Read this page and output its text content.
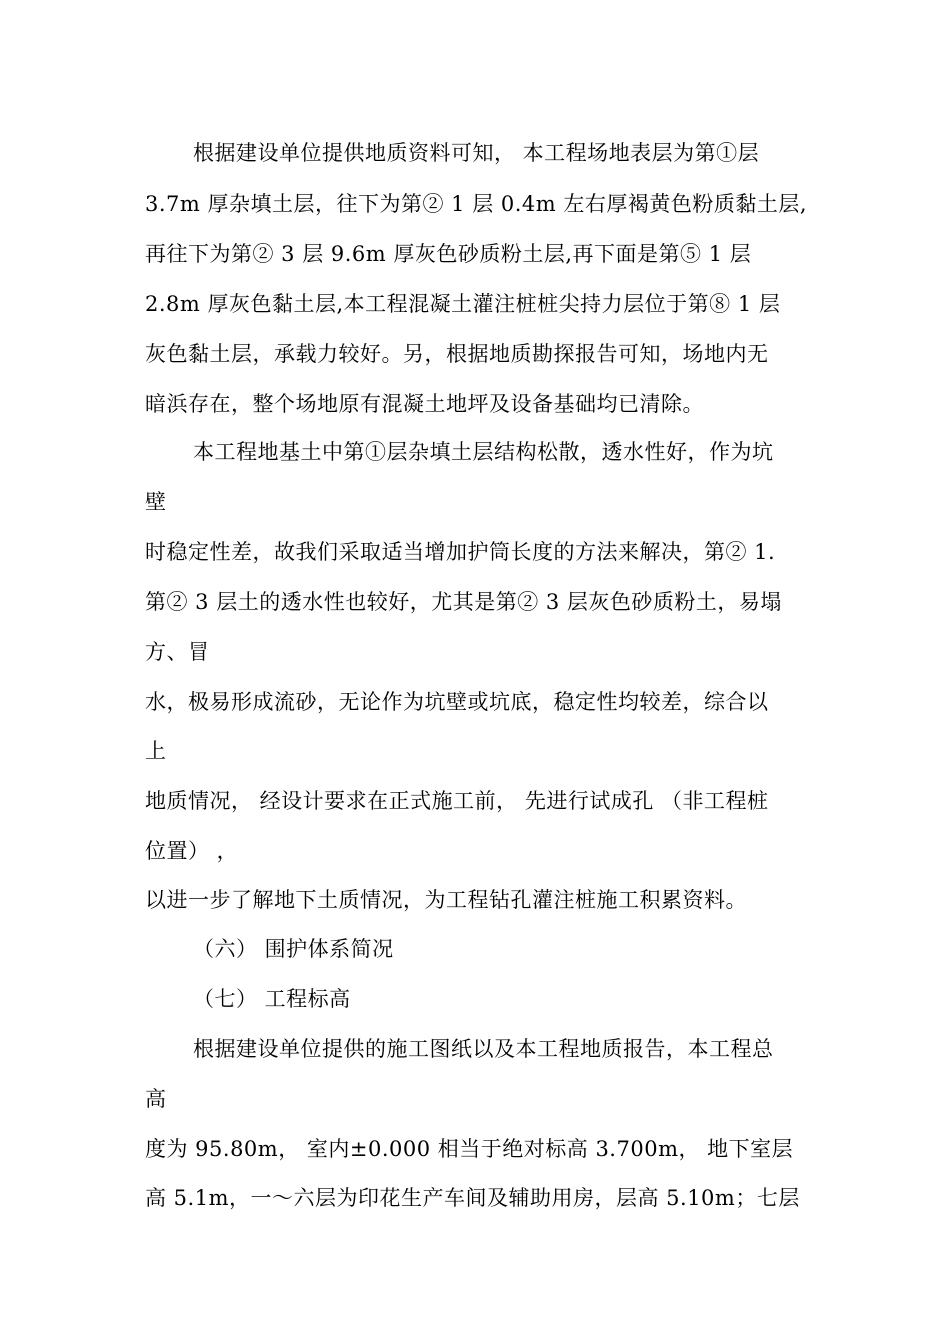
根据建设单位提供地质资料可知， 本工程场地表层为第①层
3.7m 厚杂填土层，往下为第② 1 层 0.4m 左右厚褐黄色粉质黏土层,
再往下为第② 3 层 9.6m 厚灰色砂质粉土层,再下面是第⑤ 1 层
2.8m 厚灰色黏土层,本工程混凝土灌注桩桩尖持力层位于第⑧ 1 层
灰色黏土层，承载力较好。另，根据地质勘探报告可知，场地内无
暗浜存在，整个场地原有混凝土地坪及设备基础均已清除。
本工程地基土中第①层杂填土层结构松散，透水性好，作为坑
壁
时稳定性差，故我们采取适当增加护筒长度的方法来解决，第② 1.
第② 3 层土的透水性也较好，尤其是第② 3 层灰色砂质粉土，易塌
方、冒
水，极易形成流砂，无论作为坑壁或坑底，稳定性均较差，综合以
上
地质情况， 经设计要求在正式施工前， 先进行试成孔 （非工程桩
位置） ，
以进一步了解地下土质情况，为工程钻孔灌注桩施工积累资料。
（六） 围护体系简况
（七） 工程标高
根据建设单位提供的施工图纸以及本工程地质报告，本工程总
高
度为 95.80m， 室内±0.000 相当于绝对标高 3.700m， 地下室层
高 5.1m，一～六层为印花生产车间及辅助用房，层高 5.10m；七层
